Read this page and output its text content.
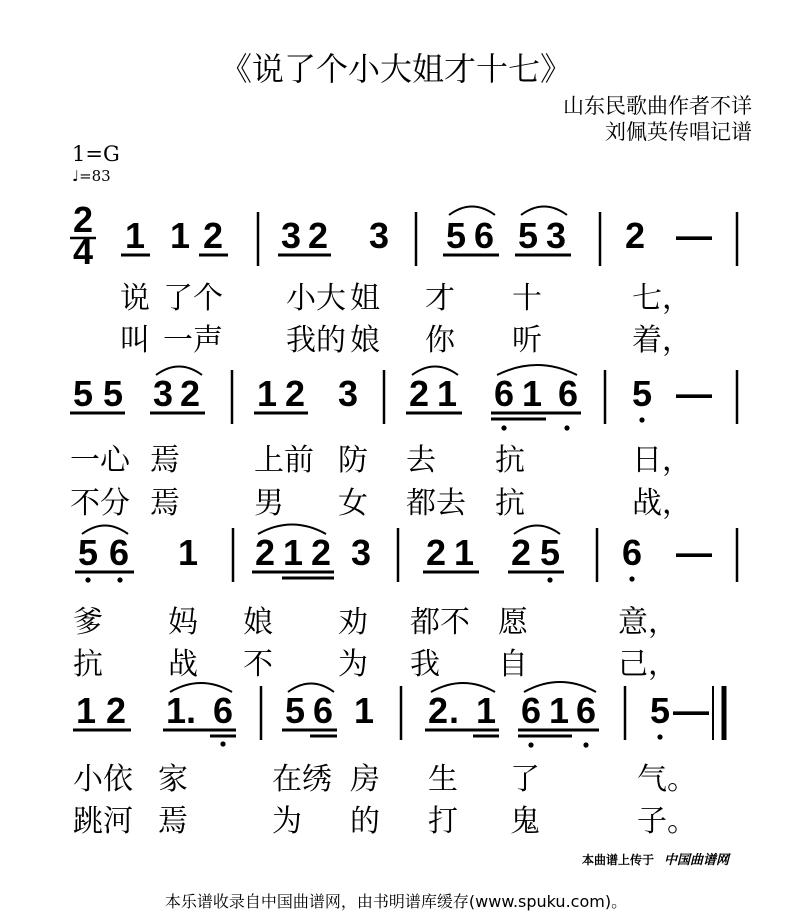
《说了个小大姐才十七》
山东民歌曲作者不详
刘佩英传唱记谱
1=G
♩=83
2
4 1 1 2 3 2 3 5 6 5 3 2 —
说 了个 小大 姐 才 十	七，
叫 一声 我的 娘 你 听	着，
5 5 3 2 1 2 3 2 1 6 1 6 5 —
一心 焉 上前 防 去 抗	日，
不分 焉 男 女 都去 抗	战，
5 6 1 2 1 2 3 2 1 2 5 6 —
爹 妈 娘 劝 都不 愿	意，
抗 战 不 为 我 自	己，
1 2 1 . 6 5 6 1 2 . 1 6 1 6 5 —
小依 家	在绣 房 生 了	气。
跳河 焉	为 的 打 鬼	子。
本曲谱上传于 中国曲谱网
本乐谱收录自中国曲谱网，由书明谱库缓存(www.spuku.com)。
